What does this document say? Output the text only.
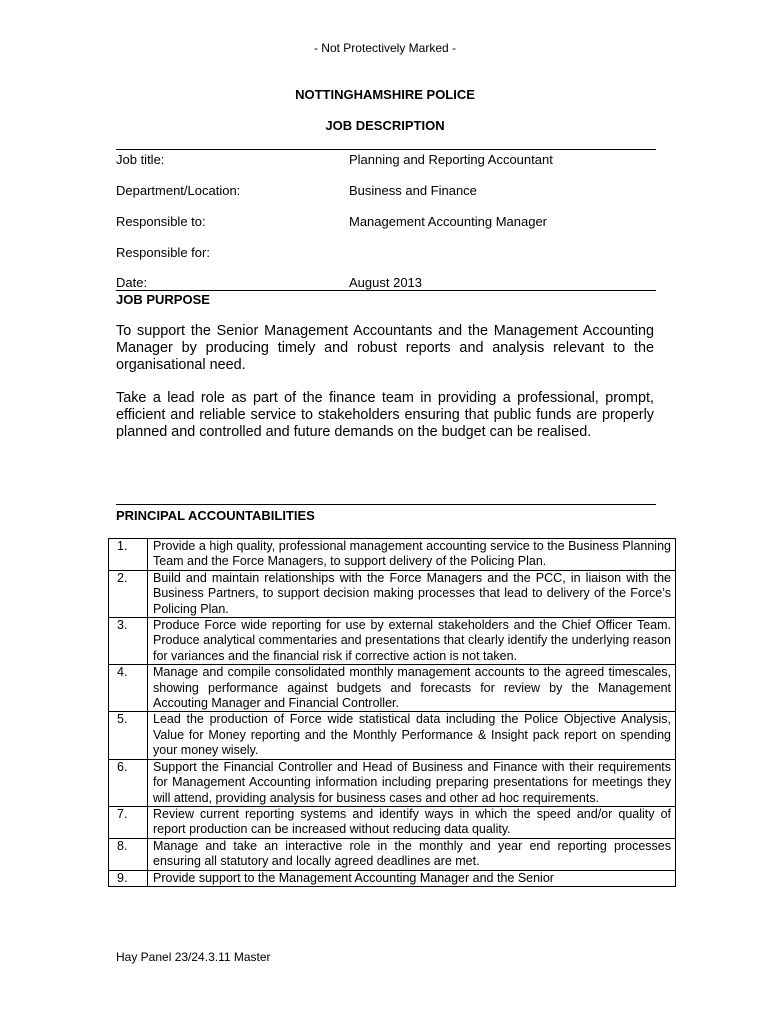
- Not Protectively Marked -
NOTTINGHAMSHIRE POLICE
JOB DESCRIPTION
Job title:	Planning and Reporting Accountant
Department/Location:	Business and Finance
Responsible to:	Management Accounting Manager
Responsible for:
Date:	August 2013
JOB PURPOSE
To support the Senior Management Accountants and the Management Accounting Manager by producing timely and robust reports and analysis relevant to the organisational need.
Take a lead role as part of the finance team in providing a professional, prompt, efficient and reliable service to stakeholders ensuring that public funds are properly planned and controlled and future demands on the budget can be realised.
PRINCIPAL ACCOUNTABILITIES
1.	Provide a high quality, professional management accounting service to the Business Planning Team and the Force Managers, to support delivery of the Policing Plan.
2.	Build and maintain relationships with the Force Managers and the PCC, in liaison with the Business Partners, to support decision making processes that lead to delivery of the Force’s Policing Plan.
3.	Produce Force wide reporting for use by external stakeholders and the Chief Officer Team. Produce analytical commentaries and presentations that clearly identify the underlying reason for variances and the financial risk if corrective action is not taken.
4.	Manage and compile consolidated monthly management accounts to the agreed timescales, showing performance against budgets and forecasts for review by the Management Accouting Manager and Financial Controller.
5.	Lead the production of Force wide statistical data including the Police Objective Analysis, Value for Money reporting and the Monthly Performance & Insight pack report on spending your money wisely.
6.	Support the Financial Controller and Head of Business and Finance with their requirements for Management Accounting information including preparing presentations for meetings they will attend, providing analysis for business cases and other ad hoc requirements.
7.	Review current reporting systems and identify ways in which the speed and/or quality of report production can be increased without reducing data quality.
8.	Manage and take an interactive role in the monthly and year end reporting processes ensuring all statutory and locally agreed deadlines are met.
9.	Provide support to the Management Accounting Manager and the Senior
Hay Panel 23/24.3.11 Master
